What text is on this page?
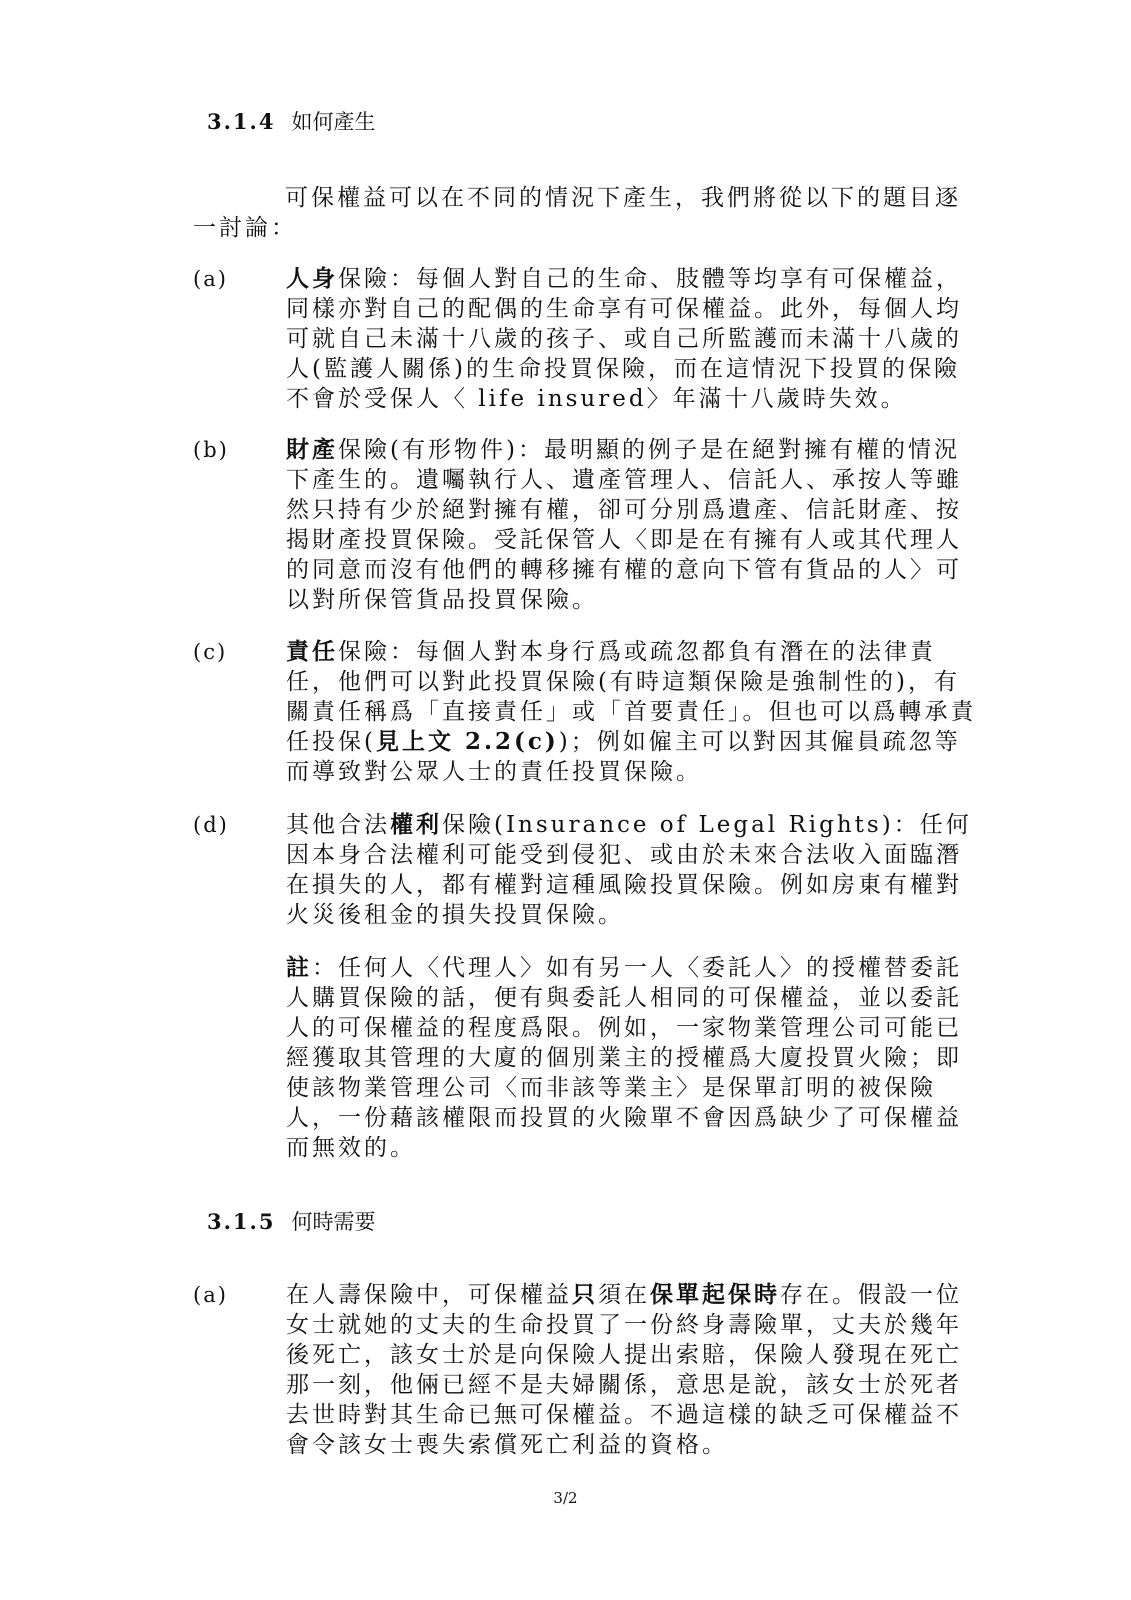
3.1.4 如何產生
可保權益可以在不同的情況下產生，我們將從以下的題目逐一討論：
(a)	人身保險：每個人對自己的生命、肢體等均享有可保權益，同樣亦對自己的配偶的生命享有可保權益。此外，每個人均可就自己未滿十八歲的孩子、或自己所監護而未滿十八歲的人(監護人關係)的生命投買保險，而在這情況下投買的保險不會於受保人〈 life insured〉年滿十八歲時失效。
(b) 財產保險(有形物件)：最明顯的例子是在絕對擁有權的情況下產生的。遺囑執行人、遺產管理人、信託人、承按人等雖然只持有少於絕對擁有權，卻可分別爲遺產、信託財產、按揭財產投買保險。受託保管人〈即是在有擁有人或其代理人的同意而沒有他們的轉移擁有權的意向下管有貨品的人〉可以對所保管貨品投買保險。
(c)	責任保險：每個人對本身行爲或疏忽都負有潛在的法律責任，他們可以對此投買保險(有時這類保險是強制性的)，有關責任稱爲「直接責任」或「首要責任」。但也可以爲轉承責任投保(見上文 2.2(c))；例如僱主可以對因其僱員疏忽等而導致對公眾人士的責任投買保險。
(d) 其他合法權利保險(Insurance of Legal Rights)：任何因本身合法權利可能受到侵犯、或由於未來合法收入面臨潛在損失的人，都有權對這種風險投買保險。例如房東有權對火災後租金的損失投買保險。
註：任何人〈代理人〉如有另一人〈委託人〉的授權替委託人購買保險的話，便有與委託人相同的可保權益，並以委託人的可保權益的程度爲限。例如，一家物業管理公司可能已經獲取其管理的大廈的個別業主的授權爲大廈投買火險；即使該物業管理公司〈而非該等業主〉是保單訂明的被保險人，一份藉該權限而投買的火險單不會因爲缺少了可保權益而無效的。
3.1.5 何時需要
(a)	在人壽保險中，可保權益只須在保單起保時存在。假設一位女士就她的丈夫的生命投買了一份終身壽險單，丈夫於幾年後死亡，該女士於是向保險人提出索賠，保險人發現在死亡那一刻，他倆已經不是夫婦關係，意思是說，該女士於死者去世時對其生命已無可保權益。不過這樣的缺乏可保權益不會令該女士喪失索償死亡利益的資格。
3/2
